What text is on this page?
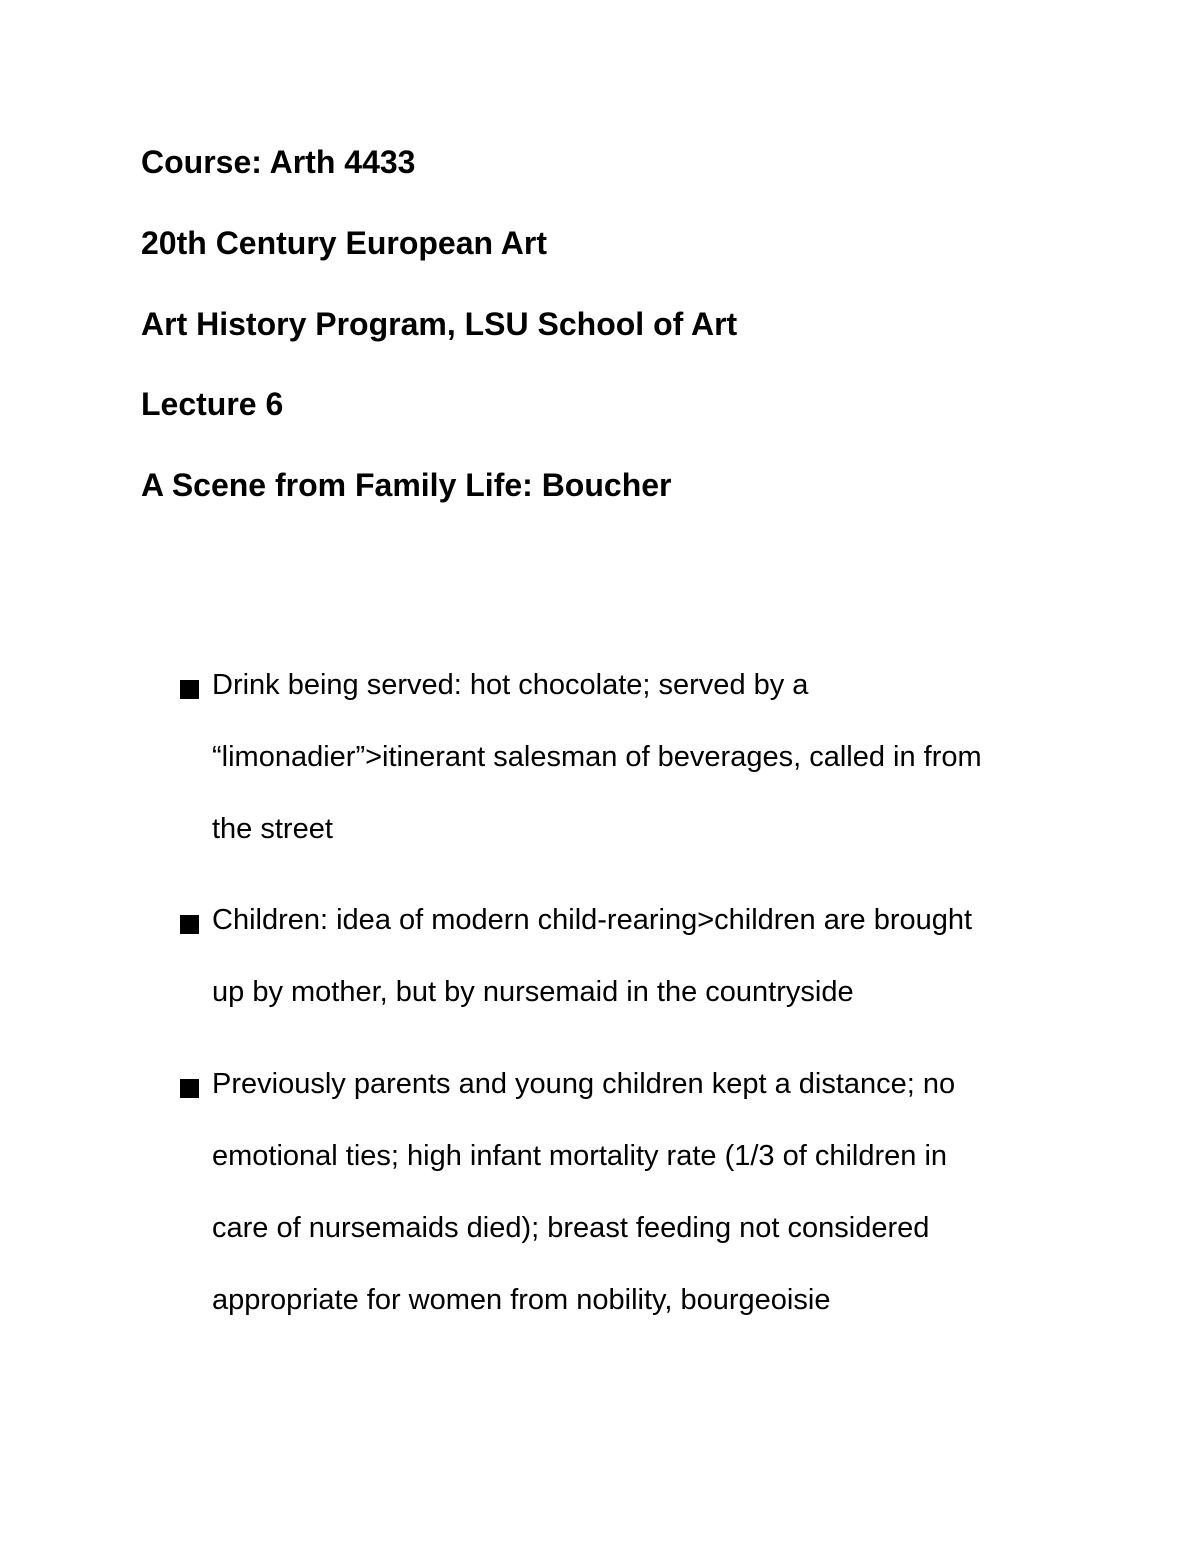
Course: Arth 4433
20th Century European Art
Art History Program, LSU School of Art
Lecture 6
A Scene from Family Life: Boucher
Drink being served: hot chocolate; served by a
“limonadier”>itinerant salesman of beverages, called in from
the street
Children: idea of modern child-rearing>children are brought
up by mother, but by nursemaid in the countryside
Previously parents and young children kept a distance; no
emotional ties; high infant mortality rate (1/3 of children in
care of nursemaids died); breast feeding not considered
appropriate for women from nobility, bourgeoisie
